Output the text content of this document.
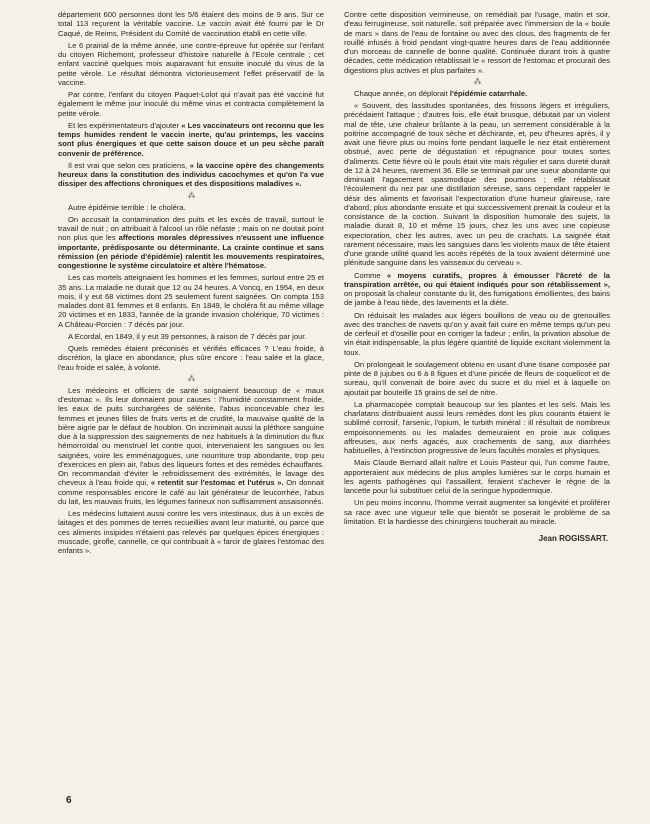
département 600 personnes dont les 5/6 étaient des moins de 9 ans. Sur ce total 113 reçurent la véritable vaccine. Le vaccin avait été fourni par le Dr Caqué, de Reims, Président du Comité de vaccination établi en cette ville.

Le 6 prairial de la même année, une contre-épreuve fut opérée sur l'enfant du citoyen Richemont, professeur d'histoire naturelle à l'Ecole centrale ; cet enfant vacciné quelques mois auparavant fut ensuite inoculé du virus de la petite vérole. Le résultat démontra victorieusement l'effet préservatif de la vaccine.

Par contre, l'enfant du citoyen Paquet-Lolot qui n'avait pas été vacciné fut également le même jour inoculé du même virus et contracta complètement la petite vérole.

Et les expérimentateurs d'ajouter « Les vaccinateurs ont reconnu que les temps humides rendent le vaccin inerte, qu'au printemps, les vaccins sont plus énergiques et que cette saison douce et un peu sèche paraît convenir de préférence.

Il est vrai que selon ces praticiens, « la vaccine opère des changements heureux dans la constitution des individus cacochymes et qu'on l'a vue dissiper des affections chroniques et des dispositions maladives ».

⁂

Autre épidémie terrible : le choléra.

On accusait la contamination des puits et les excès de travail, surtout le travail de nuit ; on attribuait à l'alcool un rôle néfaste ; mais on ne doutait point non plus que les affections morales dépressives n'eussent une influence importante, prédisposante ou déterminante. La crainte continue et sans rémission (en période d'épidémie) ralentit les mouvements respiratoires, congestionne le système circulatoire et altère l'hématose.

Les cas mortels atteignaient les hommes et les femmes, surtout entre 25 et 35 ans. La maladie ne durait que 12 ou 24 heures. A Voncq, en 1954, en deux mois, il y eut 68 victimes dont 25 seulement furent saignées. On compta 153 malades dont 81 femmes et 8 enfants. En 1849, le choléra fit au même village 20 victimes et en 1833, l'année de la grande invasion cholérique, 70 victimes : A Château-Porcien : 7 décès par jour.

A Ecordal, en 1849, il y eut 39 personnes, à raison de 7 décès par jour.

Quels remèdes étaient préconisés et vérifiés efficaces ? L'eau froide, à discrétion, la glace en abondance, plus sûre encore : l'eau salée et la glace, l'eau froide et salée, à volonté.

⁂

Les médecins et officiers de santé soignaient beaucoup de « maux d'estomac ». Ils leur donnaient pour causes : l'humidité constamment froide, les eaux de puits surchargées de sélénite, l'abus inconcevable chez les femmes et jeunes filles de fruits verts et de crudité, la mauvaise qualité de la bière aigrie par le défaut de houblon. On incriminait aussi la pléthore sanguine due à la suppression des saignements de nez habituels à la diminution du flux hémorroïdal ou menstruel let contre quoi, intervenaient les sangsues ou les saignées, voire les emménagogues, une nourriture trop abondante, trop peu d'exercices en plein air, l'abus des liqueurs fortes et des remèdes échauffants. On recommandait d'éviter le refroidissement des extrémités, le lavage des cheveux à l'eau froide qui, « retentit sur l'estomac et l'utérus ». On donnait comme responsables encore le café au lait générateur de leucorrhée, l'abus du lait, les mauvais fruits, les légumes farineux non suffisamment assaisonnés.

Les médecins luttaient aussi contre les vers intestinaux, dus à un excès de laitages et des pommes de terres recueillies avant leur maturité, ou parce que ces aliments insipides n'étaient pas relevés par quelques épices énergiques : muscade, girofle, cannelle, ce qui contribuait à « farcir de glaires l'estomac des enfants ».

Contre cette disposition vermineuse, on remédiait par l'usage, matin et soir, d'eau ferrugineuse, soit naturelle, soit préparée avec l'immersion de la « boule de mars » dans de l'eau de fontaine ou avec des clous, des fragments de fer rouillé infusés à froid pendant vingt-quatre heures dans de l'eau additionnée d'un morceau de cannelle de bonne qualité. Continuée durant trois à quatre décades, cette médication rétablissait le « ressort de l'estomac et procurait des digestions plus actives et plus parfaites ».

⁂

Chaque année, on déplorait l'épidémie catarrhale.

« Souvent, des lassitudes spontanées, des frissons légers et irréguliers, précédaient l'attaque ; d'autres fois, elle était brusque, débutait par un violent mal de tête, une chaleur brûlante à la peau, un serrement considérable à la poitrine accompagné de toux sèche et déchirante, et, peu d'heures après, il y avait une fièvre plus ou moins forte pendant laquelle le nez était entièrement obstrué, avec perte de dégustation et répugnance pour toutes sortes d'aliments. Cette fièvre où le pouls était vite mais régulier et sans dureté durait de 12 à 24 heures, rarement 36. Elle se terminait par une sueur abondante qui diminuait l'agacement spasmodique des poumons ; elle rétablissait l'écoulement du nez par une distillation séreuse, sans cependant rappeler le désir des aliments et favorisait l'expectoration d'une humeur glaireuse, rare d'abord, plus abondante ensuite et qui successivement prenait la couleur et la consistance de la coction. Suivant la disposition humorale des sujets, la maladie durait 8, 10 et même 15 jours, chez les uns avec une copieuse expectoration, chez les autres, avec un peu de crachats. La saignée était rarement nécessaire, mais les sangsues dans les violents maux de tête étaient d'une grande utilité quand les accès répétés de la toux avaient déterminé une plénitude sanguine dans les vaisseaux du cerveau ».

Comme « moyens curatifs, propres à émousser l'âcreté de la transpiration arrêtée, ou qui étaient indiqués pour son rétablissement », on proposait la chaleur constante du lit, des fumigations émollientes, des bains de jambe à l'eau tiède, des lavements et la diète.

On réduisait les malades aux légers bouillons de veau ou de grenouilles avec des tranches de navets qu'on y avait fait cuire en même temps qu'un peu de cerfeuil et d'oseille pour en corriger la fadeur ; enfin, la privation absolue de vin était indispensable, la plus légère quantité de liquide excitant violemment la toux.

On prolongeait le soulagement obtenu en usant d'une tisane composée par pinte de 8 jujubes ou 6 à 8 figues et d'une pincée de fleurs de coquelicot et de sureau, qu'il convenait de boire avec du sucre et du miel et à laquelle on ajoutait par bouteille 15 grains de sel de nitre.

La pharmacopée comptait beaucoup sur les plantes et les sels. Mais les charlatans distribuaient aussi leurs remèdes dont les plus courants étaient le sublimé corrosif, l'arsenic, l'opium, le turbith minéral : ill résultait de nombreux empoisonnements ou les malades demeuraient en proie aux coliques affreuses, aux nerfs agacés, aux crachements de sang, aux diarrhées habituelles, à l'extinction progressive de leurs facultés morales et physiques.

Mais Claude Bernard allait naître et Louis Pasteur qui, l'un comme l'autre, apporteraient aux médecins de plus amples lumières sur le corps humain et les agents pathogènes qui l'assaillent, feraient s'achever le règne de la lancette pour lui substituer celui de la seringue hypodermique.

Un peu moins inconnu, l'homme verrait augmenter sa longévité et proliférer sa race avec une vigueur telle que bientôt se poserait le problème de sa limitation. Et la hardiesse des chirurgiens toucherait au miracle.

Jean ROGISSART.
6
